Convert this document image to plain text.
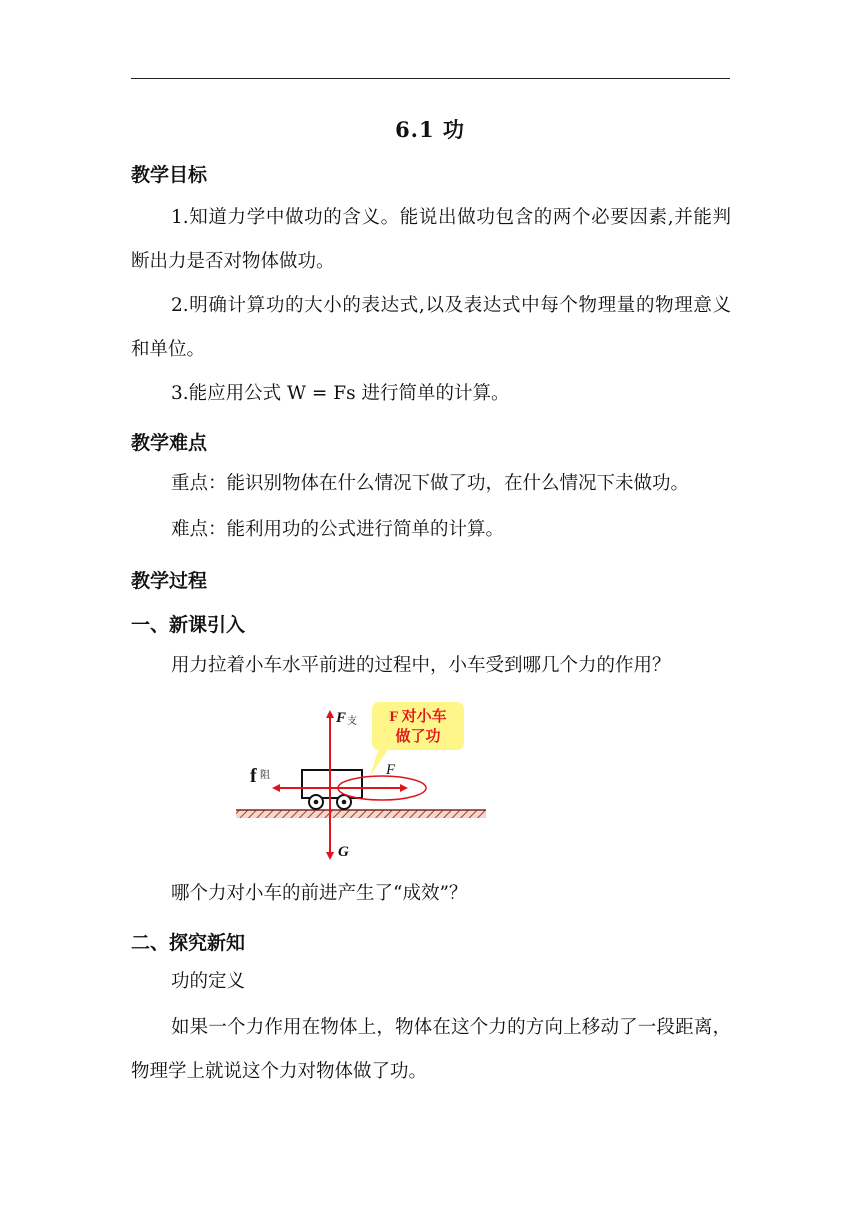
6.1 功
教学目标
1.知道力学中做功的含义。能说出做功包含的两个必要因素,并能判断出力是否对物体做功。
2.明确计算功的大小的表达式,以及表达式中每个物理量的物理意义和单位。
3.能应用公式 W = Fs 进行简单的计算。
教学难点
重点：能识别物体在什么情况下做了功，在什么情况下未做功。
难点：能利用功的公式进行简单的计算。
教学过程
一、新课引入
用力拉着小车水平前进的过程中，小车受到哪几个力的作用？
F 对小车
做了功
F 支
f 阻	F
G
哪个力对小车的前进产生了“成效”？
二、探究新知
功的定义
如果一个力作用在物体上，物体在这个力的方向上移动了一段距离，物理学上就说这个力对物体做了功。
